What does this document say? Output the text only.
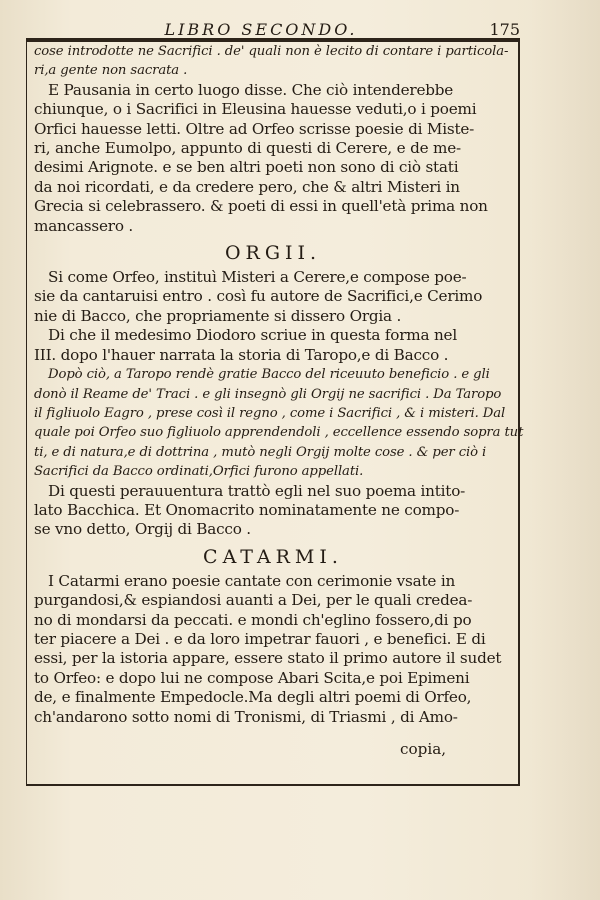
LIBRO SECONDO.	175
cose introdotte ne Sacrifici . de' quali non è lecito di contare i particola-
ri,a gente non sacrata .
E Pausania in certo luogo disse. Che ciò intenderebbe
chiunque, o i Sacrifici in Eleusina hauesse veduti,o i poemi
Orfici hauesse letti. Oltre ad Orfeo scrisse poesie di Miste-
ri, anche Eumolpo, appunto di questi di Cerere, e de me-
desimi Arignote. e se ben altri poeti non sono di ciò stati
da noi ricordati, e da credere pero, che & altri Misteri in
Grecia si celebrassero. & poeti di essi in quell'età prima non
mancassero .
ORGII.
Si come Orfeo, instituì Misteri a Cerere,e compose poe-
sie da cantaruisi entro . così fu autore de Sacrifici,e Cerimo
nie di Bacco, che propriamente si dissero Orgia .
Di che il medesimo Diodoro scriue in questa forma nel
III. dopo l'hauer narrata la storia di Taropo,e di Bacco .
Dopò ciò, a Taropo rendè gratie Bacco del riceuuto beneficio . e gli
donò il Reame de' Traci . e gli insegnò gli Orgij ne sacrifici . Da Taropo
il figliuolo Eagro , prese così il regno , come i Sacrifici , & i misteri. Dal
quale poi Orfeo suo figliuolo apprendendoli , eccellence essendo sopra tut
ti, e di natura,e di dottrina , mutò negli Orgij molte cose . & per ciò i
Sacrifici da Bacco ordinati,Orfici furono appellati.
Di questi perauuentura trattò egli nel suo poema intito-
lato Bacchica. Et Onomacrito nominatamente ne compo-
se vno detto, Orgij di Bacco .
CATARMI.
I Catarmi erano poesie cantate con cerimonie vsate in
purgandosi,& espiandosi auanti a Dei, per le quali credea-
no di mondarsi da peccati. e mondi ch'eglino fossero,di po
ter piacere a Dei . e da loro impetrar fauori , e benefici. E di
essi, per la istoria appare, essere stato il primo autore il sudet
to Orfeo: e dopo lui ne compose Abari Scita,e poi Epimeni
de, e finalmente Empedocle.Ma degli altri poemi di Orfeo,
ch'andarono sotto nomi di Tronismi, di Triasmi , di Amo-
copia,
